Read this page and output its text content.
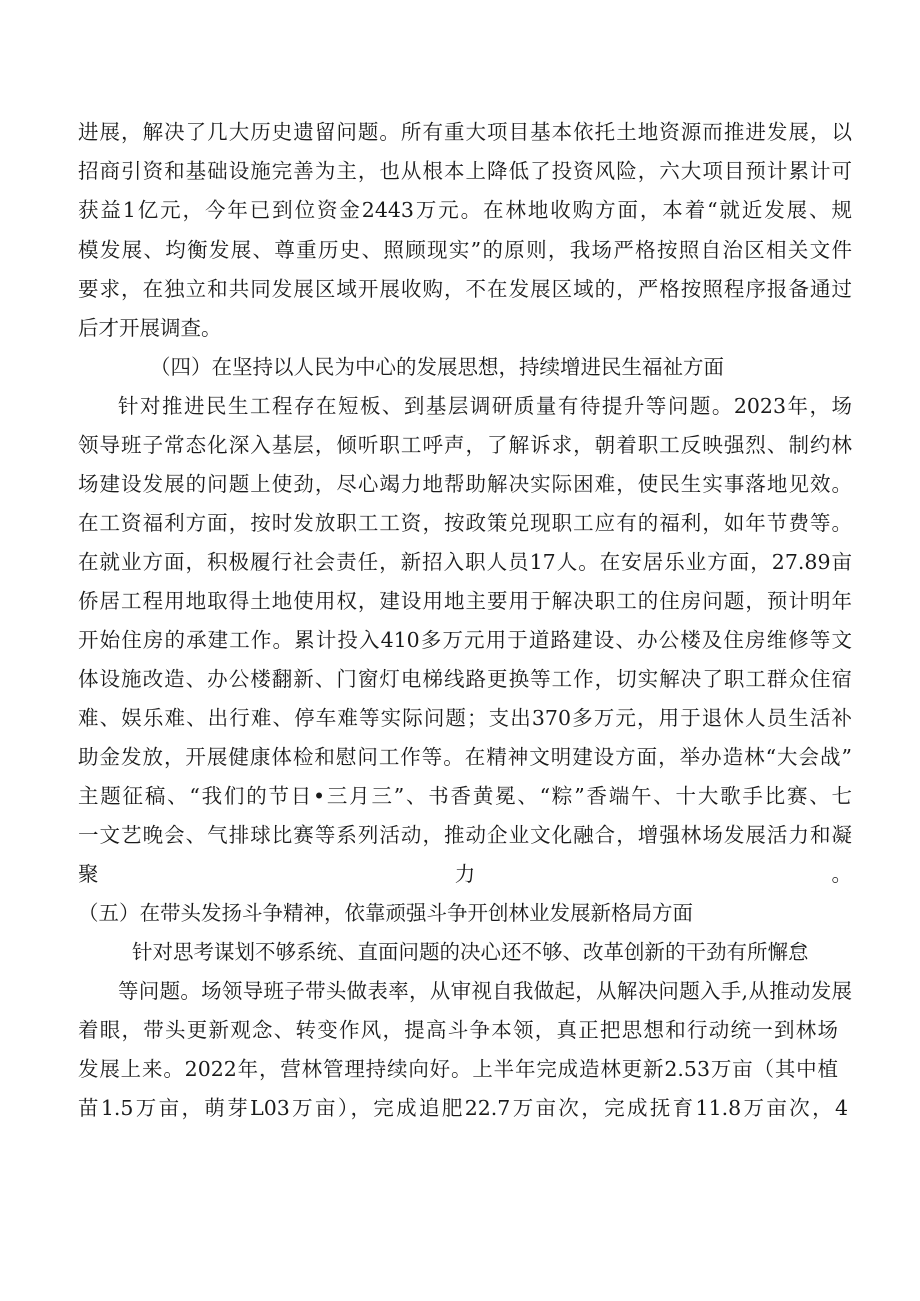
进展，解决了几大历史遗留问题。所有重大项目基本依托土地资源而推进发展，以
招商引资和基础设施完善为主，也从根本上降低了投资风险，六大项目预计累计可
获益1亿元，今年已到位资金2443万元。在林地收购方面，本着“就近发展、规
模发展、均衡发展、尊重历史、照顾现实”的原则，我场严格按照自治区相关文件
要求，在独立和共同发展区域开展收购，不在发展区域的，严格按照程序报备通过
后才开展调查。
（四）在坚持以人民为中心的发展思想，持续增进民生福祉方面
针对推进民生工程存在短板、到基层调研质量有待提升等问题。2023年，场
领导班子常态化深入基层，倾听职工呼声，了解诉求，朝着职工反映强烈、制约林
场建设发展的问题上使劲，尽心竭力地帮助解决实际困难，使民生实事落地见效。
在工资福利方面，按时发放职工工资，按政策兑现职工应有的福利，如年节费等。
在就业方面，积极履行社会责任，新招入职人员17人。在安居乐业方面，27.89亩
侨居工程用地取得土地使用权，建设用地主要用于解决职工的住房问题，预计明年
开始住房的承建工作。累计投入410多万元用于道路建设、办公楼及住房维修等文
体设施改造、办公楼翻新、门窗灯电梯线路更换等工作，切实解决了职工群众住宿
难、娱乐难、出行难、停车难等实际问题；支出370多万元，用于退休人员生活补
助金发放，开展健康体检和慰问工作等。在精神文明建设方面，举办造林“大会战”
主题征稿、“我们的节日•三月三”、书香黄冕、“粽”香端午、十大歌手比赛、七
一文艺晚会、气排球比赛等系列活动，推动企业文化融合，增强林场发展活力和凝
聚力。
（五）在带头发扬斗争精神，依靠顽强斗争开创林业发展新格局方面
针对思考谋划不够系统、直面问题的决心还不够、改革创新的干劲有所懈怠
等问题。场领导班子带头做表率，从审视自我做起，从解决问题入手,从推动发展
着眼，带头更新观念、转变作风，提高斗争本领，真正把思想和行动统一到林场
发展上来。2022年，营林管理持续向好。上半年完成造林更新2.53万亩（其中植
苗1.5万亩，萌芽L03万亩），完成追肥22.7万亩次，完成抚育11.8万亩次，4
